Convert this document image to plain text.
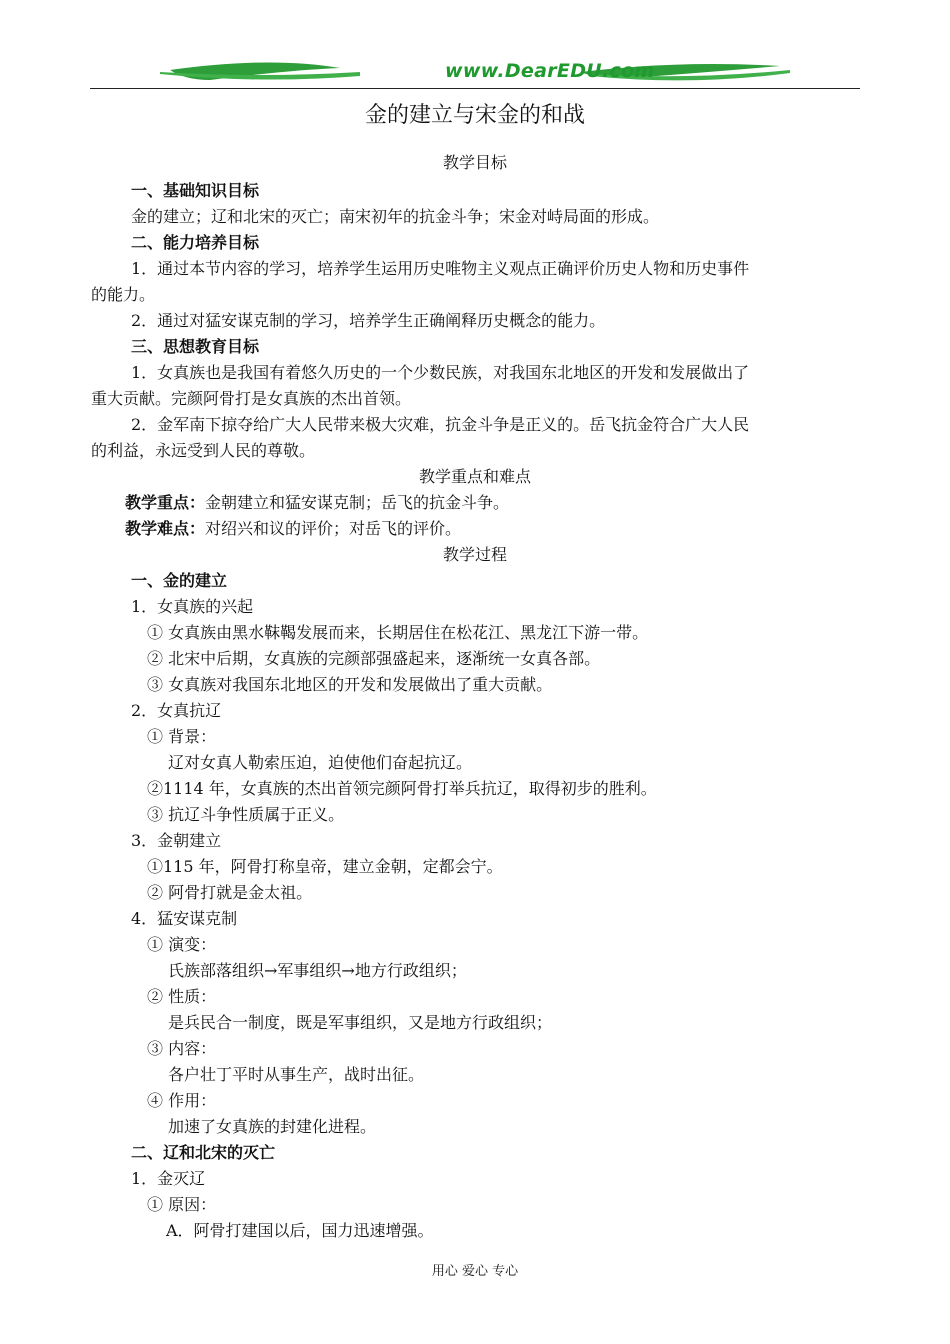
www.DearEDU.com
金的建立与宋金的和战
教学目标
一、基础知识目标
金的建立；辽和北宋的灭亡；南宋初年的抗金斗争；宋金对峙局面的形成。
二、能力培养目标
1．通过本节内容的学习，培养学生运用历史唯物主义观点正确评价历史人物和历史事件
的能力。
2．通过对猛安谋克制的学习，培养学生正确阐释历史概念的能力。
三、思想教育目标
1．女真族也是我国有着悠久历史的一个少数民族，对我国东北地区的开发和发展做出了
重大贡献。完颜阿骨打是女真族的杰出首领。
2．金军南下掠夺给广大人民带来极大灾难，抗金斗争是正义的。岳飞抗金符合广大人民
的利益，永远受到人民的尊敬。
教学重点和难点
教学重点：金朝建立和猛安谋克制；岳飞的抗金斗争。
教学难点：对绍兴和议的评价；对岳飞的评价。
教学过程
一、金的建立
1．女真族的兴起
① 女真族由黑水靺鞨发展而来，长期居住在松花江、黑龙江下游一带。
② 北宋中后期，女真族的完颜部强盛起来，逐渐统一女真各部。
③ 女真族对我国东北地区的开发和发展做出了重大贡献。
2．女真抗辽
① 背景：
辽对女真人勒索压迫，迫使他们奋起抗辽。
②1114 年，女真族的杰出首领完颜阿骨打举兵抗辽，取得初步的胜利。
③ 抗辽斗争性质属于正义。
3．金朝建立
①115 年，阿骨打称皇帝，建立金朝，定都会宁。
② 阿骨打就是金太祖。
4．猛安谋克制
① 演变：
氏族部落组织→军事组织→地方行政组织；
② 性质：
是兵民合一制度，既是军事组织，又是地方行政组织；
③ 内容：
各户壮丁平时从事生产，战时出征。
④ 作用：
加速了女真族的封建化进程。
二、辽和北宋的灭亡
1．金灭辽
① 原因：
A．阿骨打建国以后，国力迅速增强。
用心 爱心 专心
